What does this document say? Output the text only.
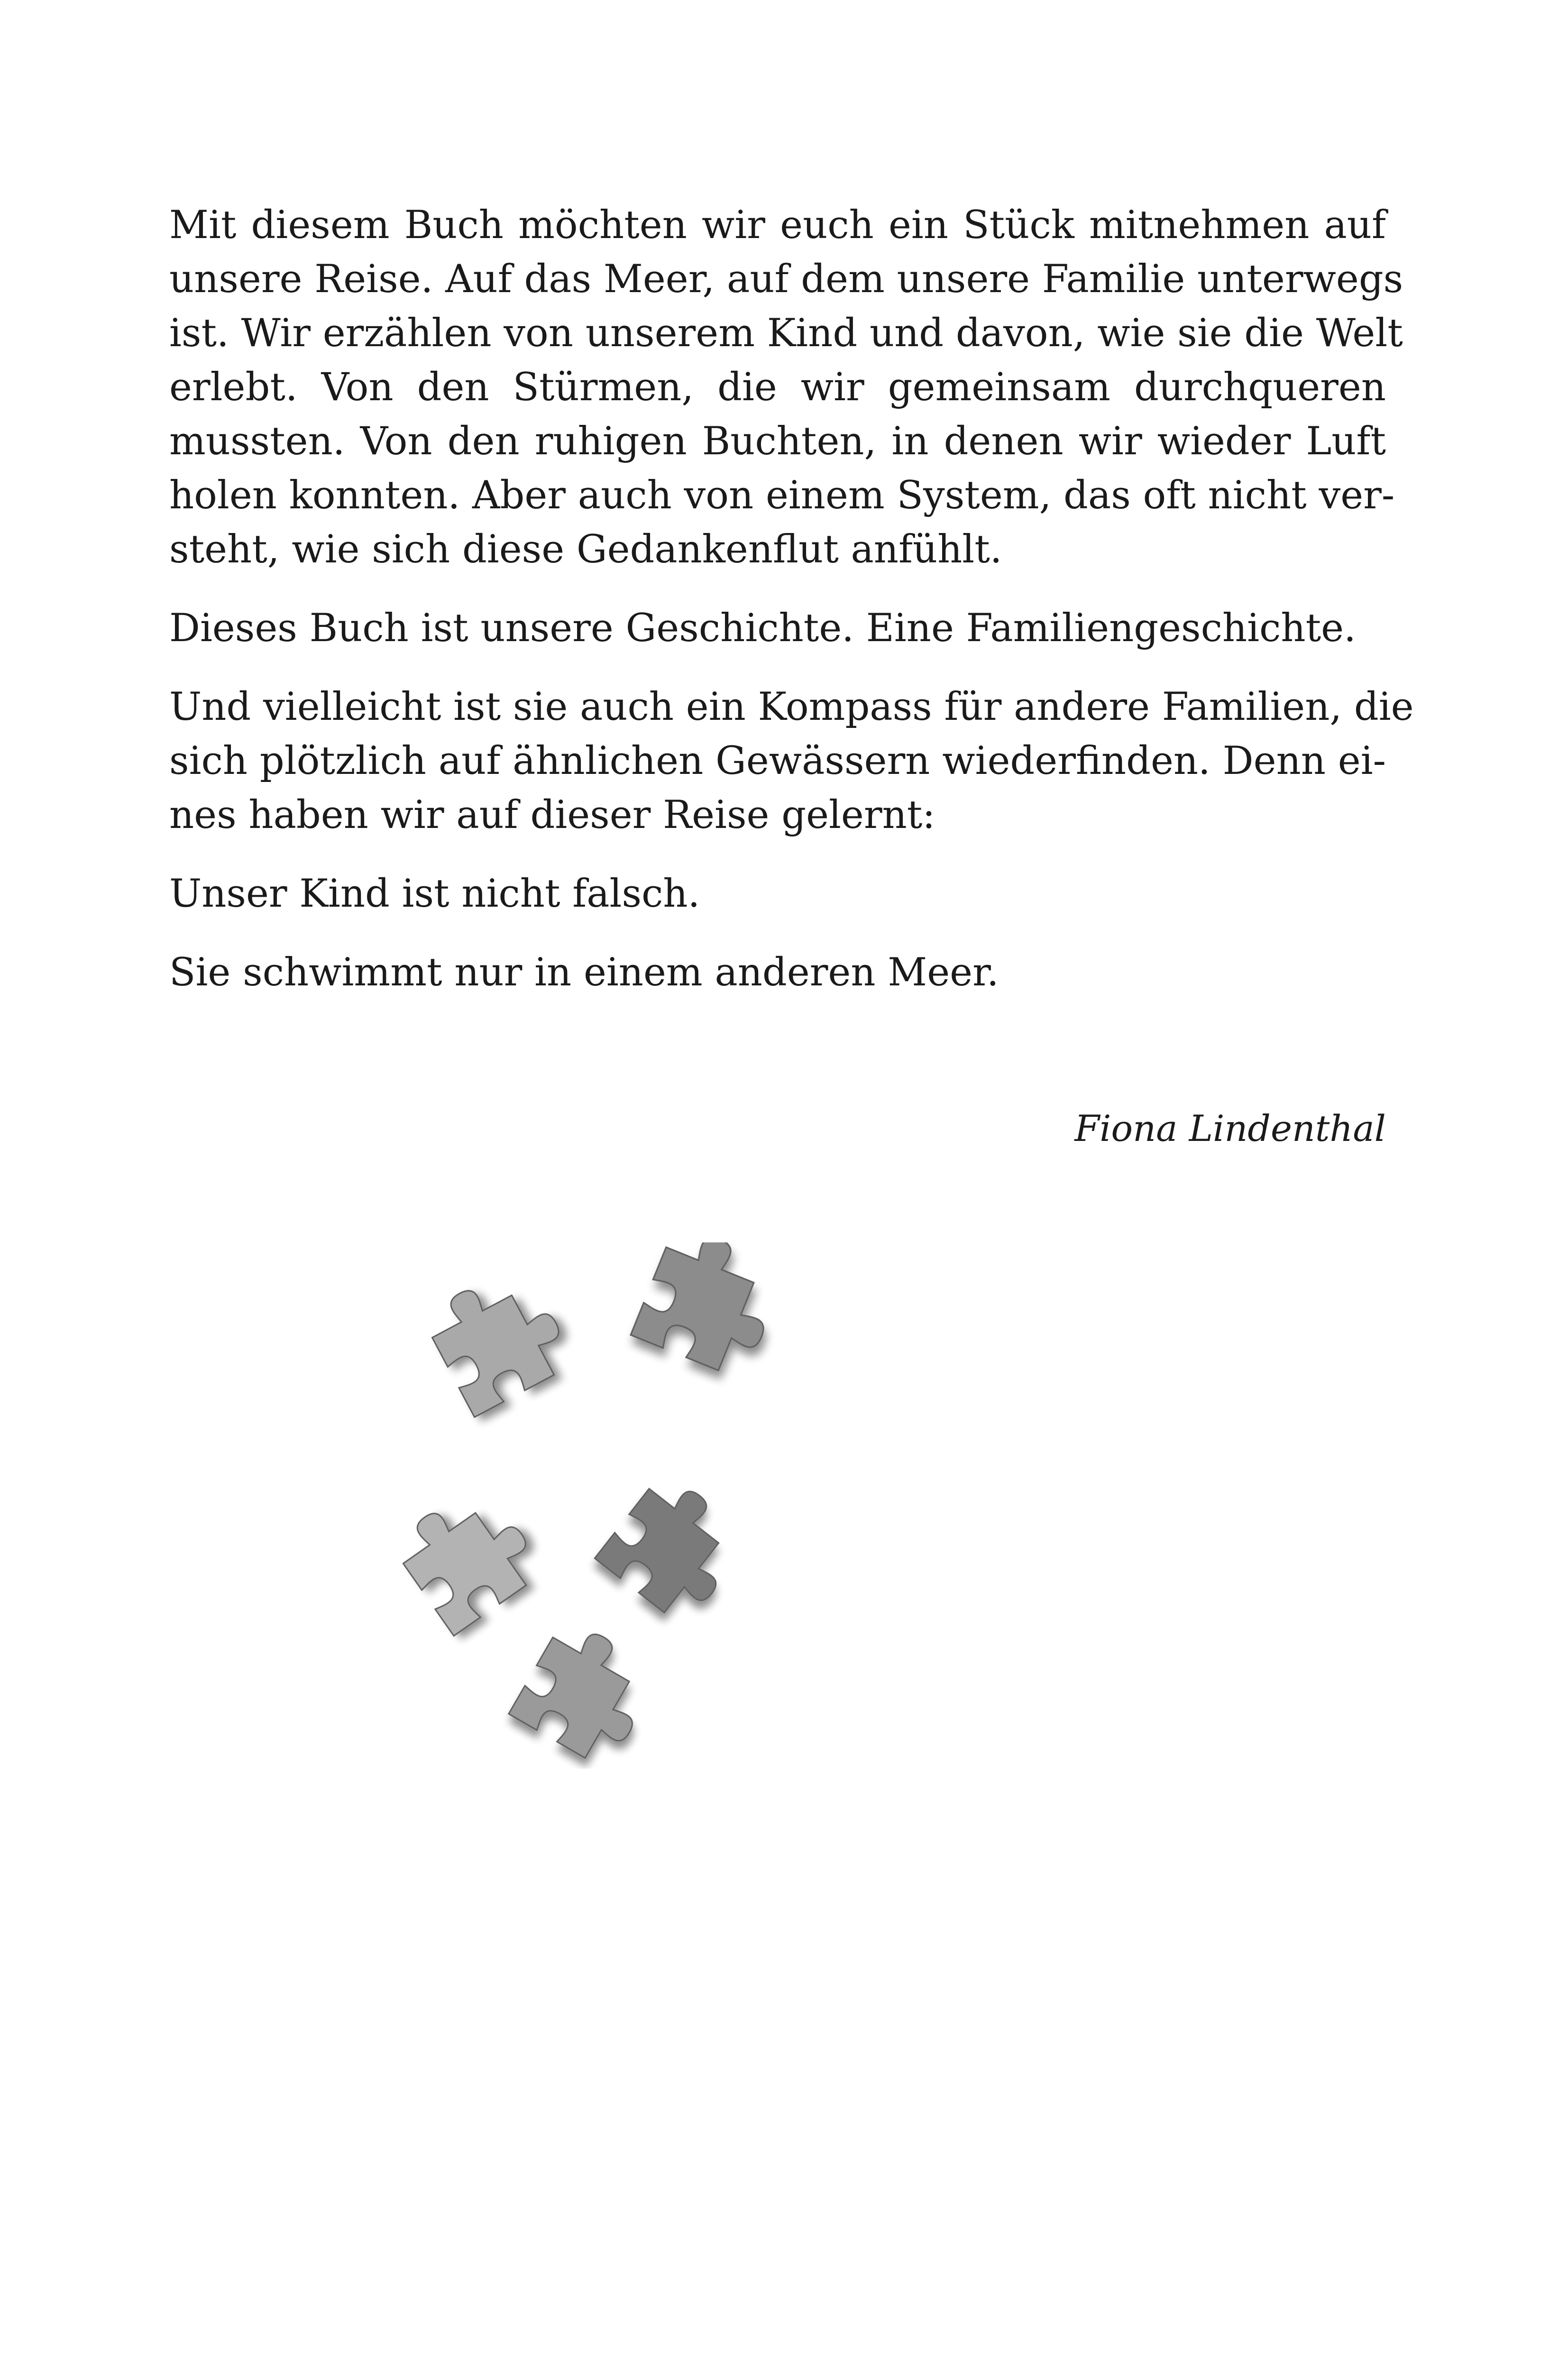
Mit diesem Buch möchten wir euch ein Stück mitnehmen auf
unsere Reise. Auf das Meer, auf dem unsere Familie unterwegs
ist. Wir erzählen von unserem Kind und davon, wie sie die Welt
erlebt. Von den Stürmen, die wir gemeinsam durchqueren
mussten. Von den ruhigen Buchten, in denen wir wieder Luft
holen konnten. Aber auch von einem System, das oft nicht ver-
steht, wie sich diese Gedankenflut anfühlt.
Dieses Buch ist unsere Geschichte. Eine Familiengeschichte.
Und vielleicht ist sie auch ein Kompass für andere Familien, die
sich plötzlich auf ähnlichen Gewässern wiederfinden. Denn ei-
nes haben wir auf dieser Reise gelernt:
Unser Kind ist nicht falsch.
Sie schwimmt nur in einem anderen Meer.
Fiona Lindenthal
